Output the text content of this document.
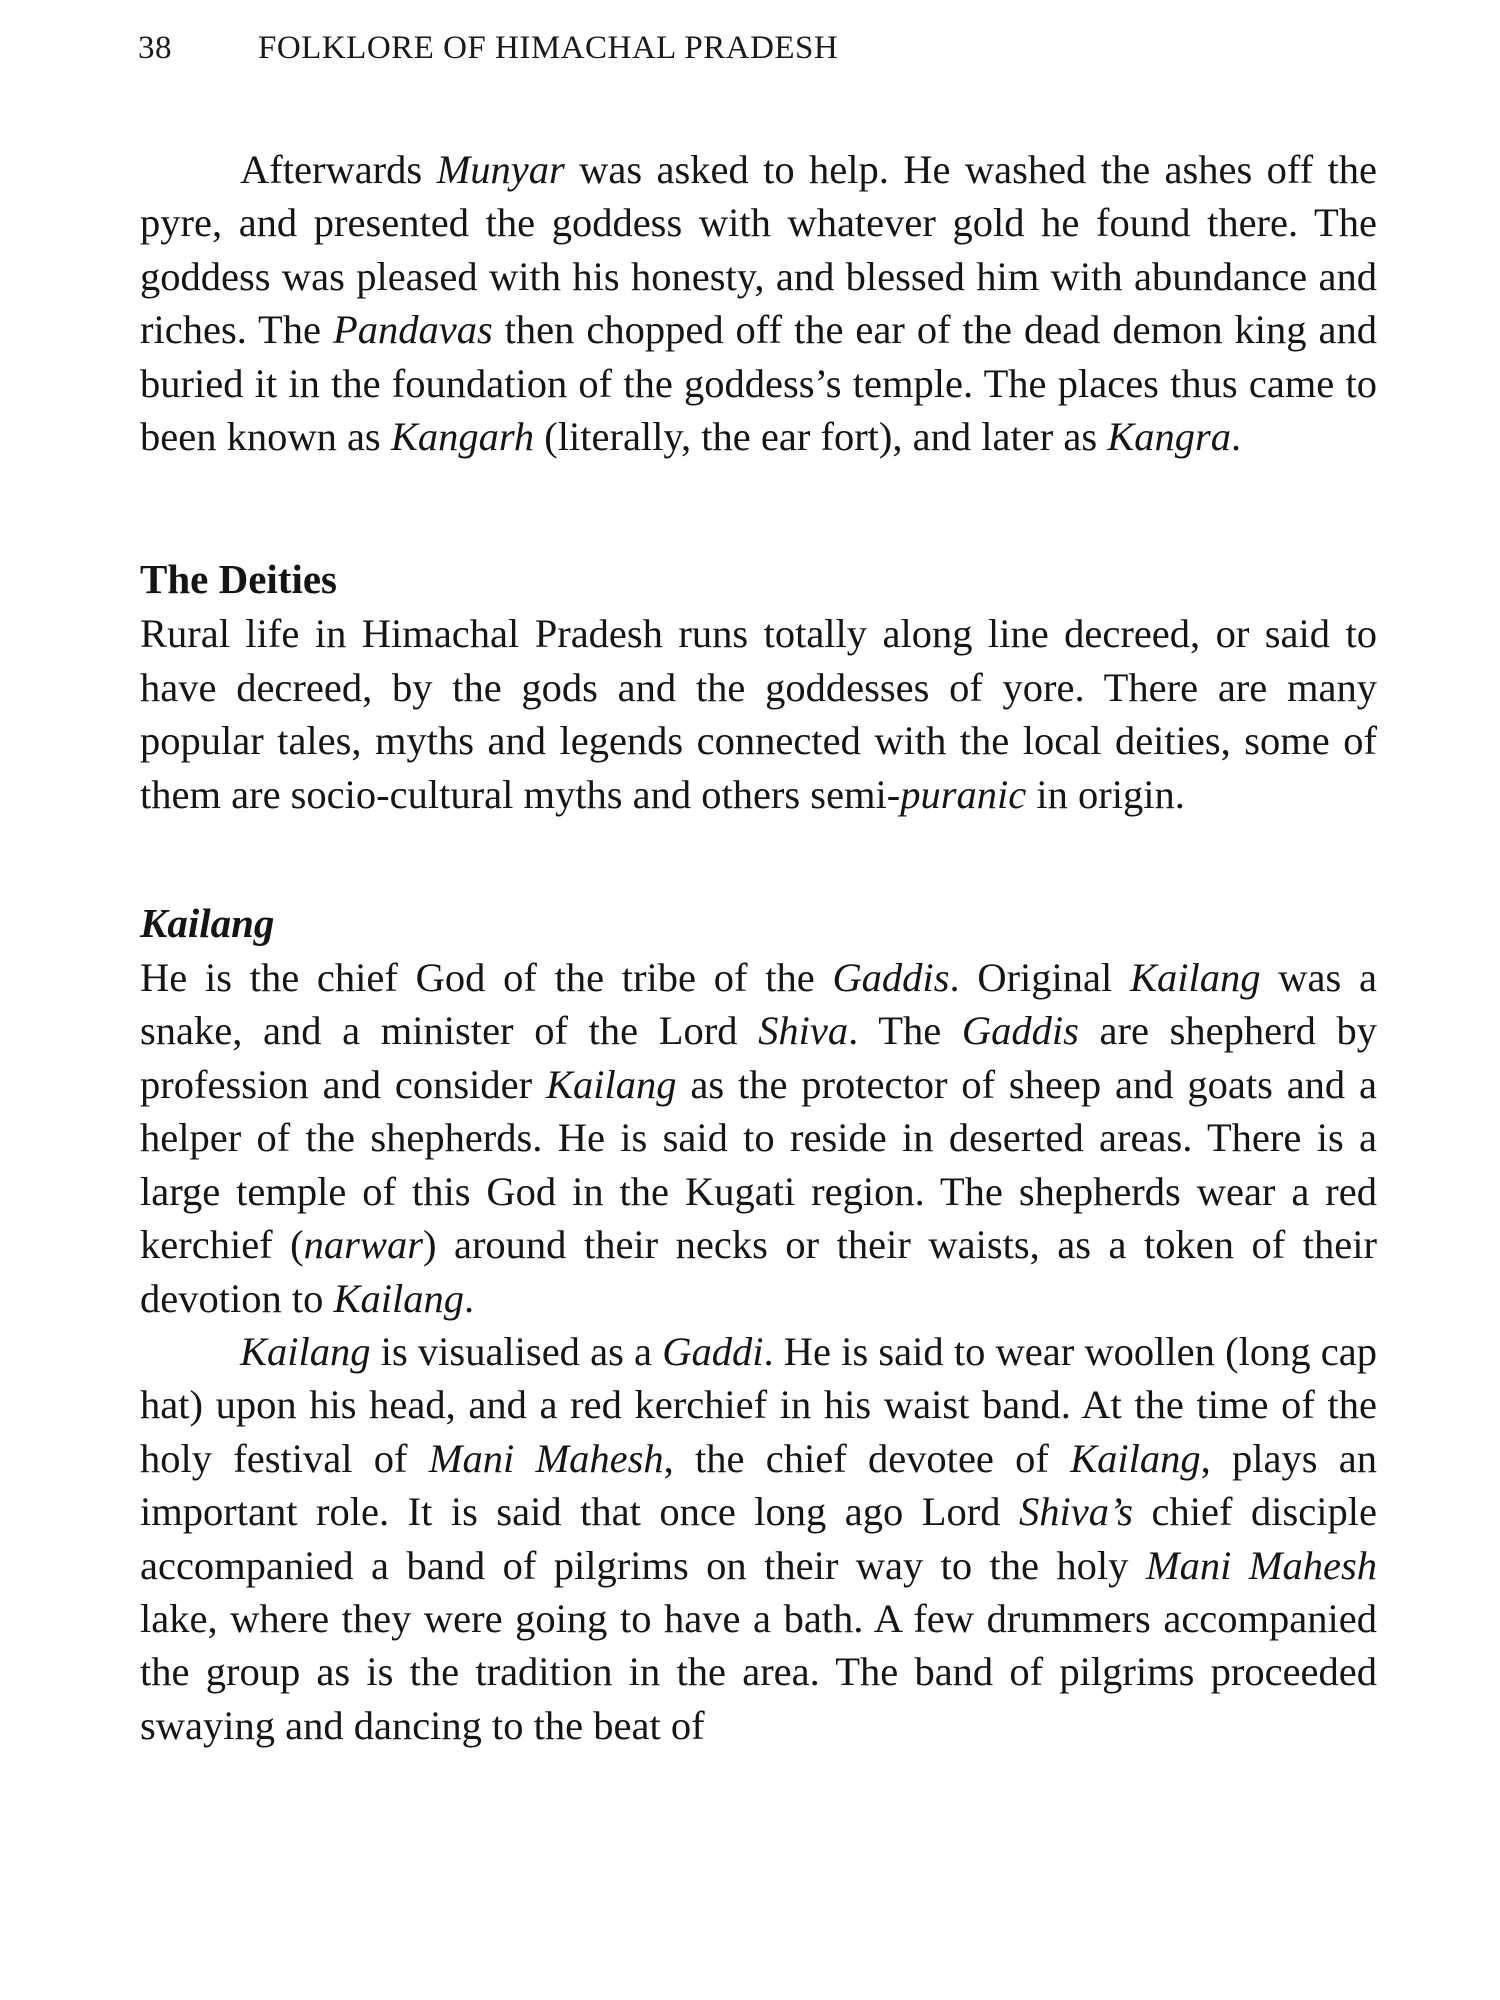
38	FOLKLORE OF HIMACHAL PRADESH

Afterwards Munyar was asked to help. He washed the ashes off the pyre, and presented the goddess with whatever gold he found there. The goddess was pleased with his honesty, and blessed him with abundance and riches. The Pandavas then chopped off the ear of the dead demon king and buried it in the foundation of the goddess’s temple. The places thus came to been known as Kangarh (literally, the ear fort), and later as Kangra.

The Deities

Rural life in Himachal Pradesh runs totally along line decreed, or said to have decreed, by the gods and the goddesses of yore. There are many popular tales, myths and legends connected with the local deities, some of them are socio-cultural myths and others semi-puranic in origin.

Kailang

He is the chief God of the tribe of the Gaddis. Original Kailang was a snake, and a minister of the Lord Shiva. The Gaddis are shepherd by profession and consider Kailang as the protector of sheep and goats and a helper of the shepherds. He is said to reside in deserted areas. There is a large temple of this God in the Kugati region. The shepherds wear a red kerchief (narwar) around their necks or their waists, as a token of their devotion to Kailang.

Kailang is visualised as a Gaddi. He is said to wear woollen (long cap hat) upon his head, and a red kerchief in his waist band. At the time of the holy festival of Mani Mahesh, the chief devotee of Kailang, plays an important role. It is said that once long ago Lord Shiva’s chief disciple accompanied a band of pilgrims on their way to the holy Mani Mahesh lake, where they were going to have a bath. A few drummers accompanied the group as is the tradition in the area. The band of pilgrims proceeded swaying and dancing to the beat of
